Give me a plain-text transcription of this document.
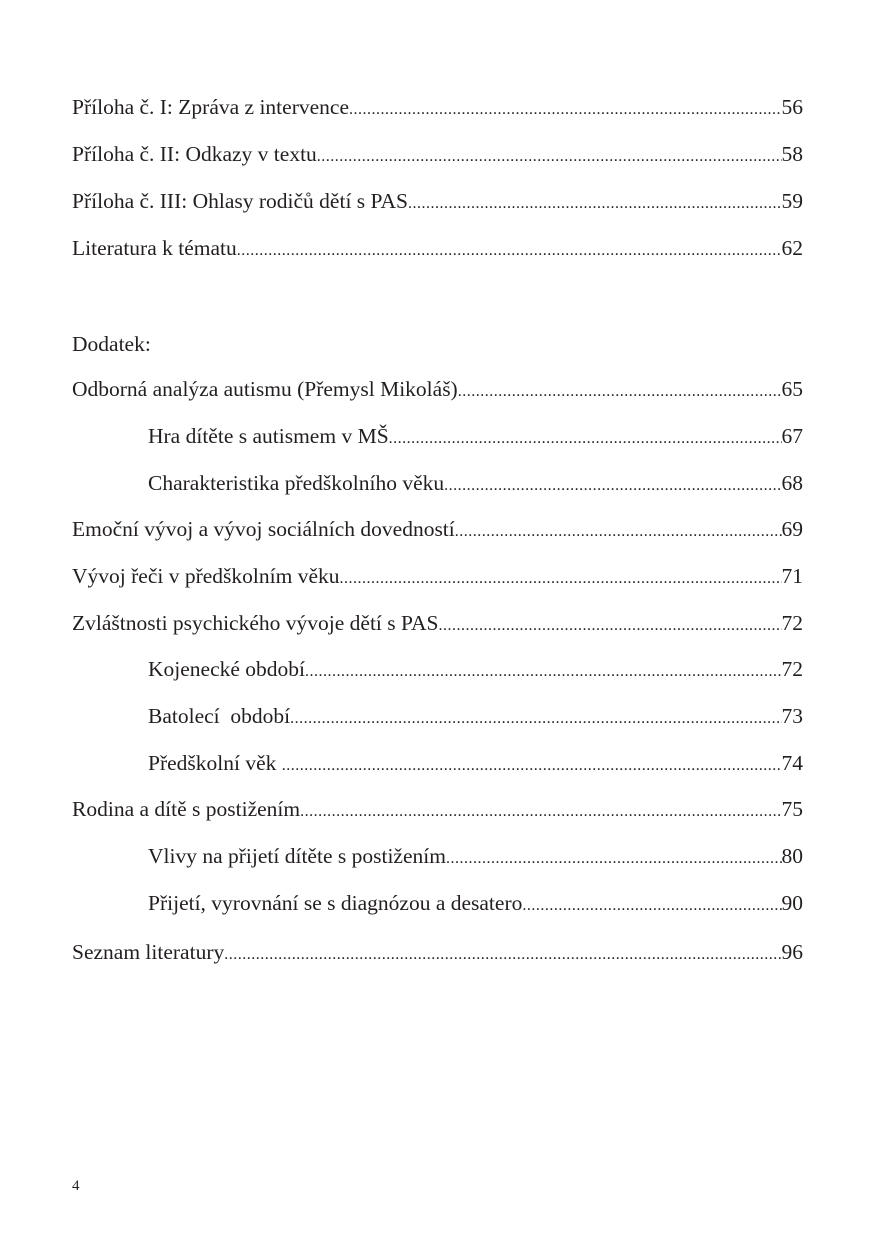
Příloha č. I: Zpráva z intervence .....	56
Příloha č. II: Odkazy v textu .....	58
Příloha č. III: Ohlasy rodičů dětí s PAS .....	59
Literatura k tématu .....	62
Dodatek:
Odborná analýza autismu (Přemysl Mikoláš) .....	65
Hra dítěte s autismem v MŠ .....	67
Charakteristika předškolního věku .....	68
Emoční vývoj a vývoj sociálních dovedností .....	69
Vývoj řeči v předškolním věku .....	71
Zvláštnosti psychického vývoje dětí s PAS .....	72
Kojenecké období .....	72
Batolecí  období .....	73
Předškolní věk .....	74
Rodina a dítě s postižením .....	75
Vlivy na přijetí dítěte s postižením .....	80
Přijetí, vyrovnání se s diagnózou a desatero .....	90
Seznam literatury .....	96
4
